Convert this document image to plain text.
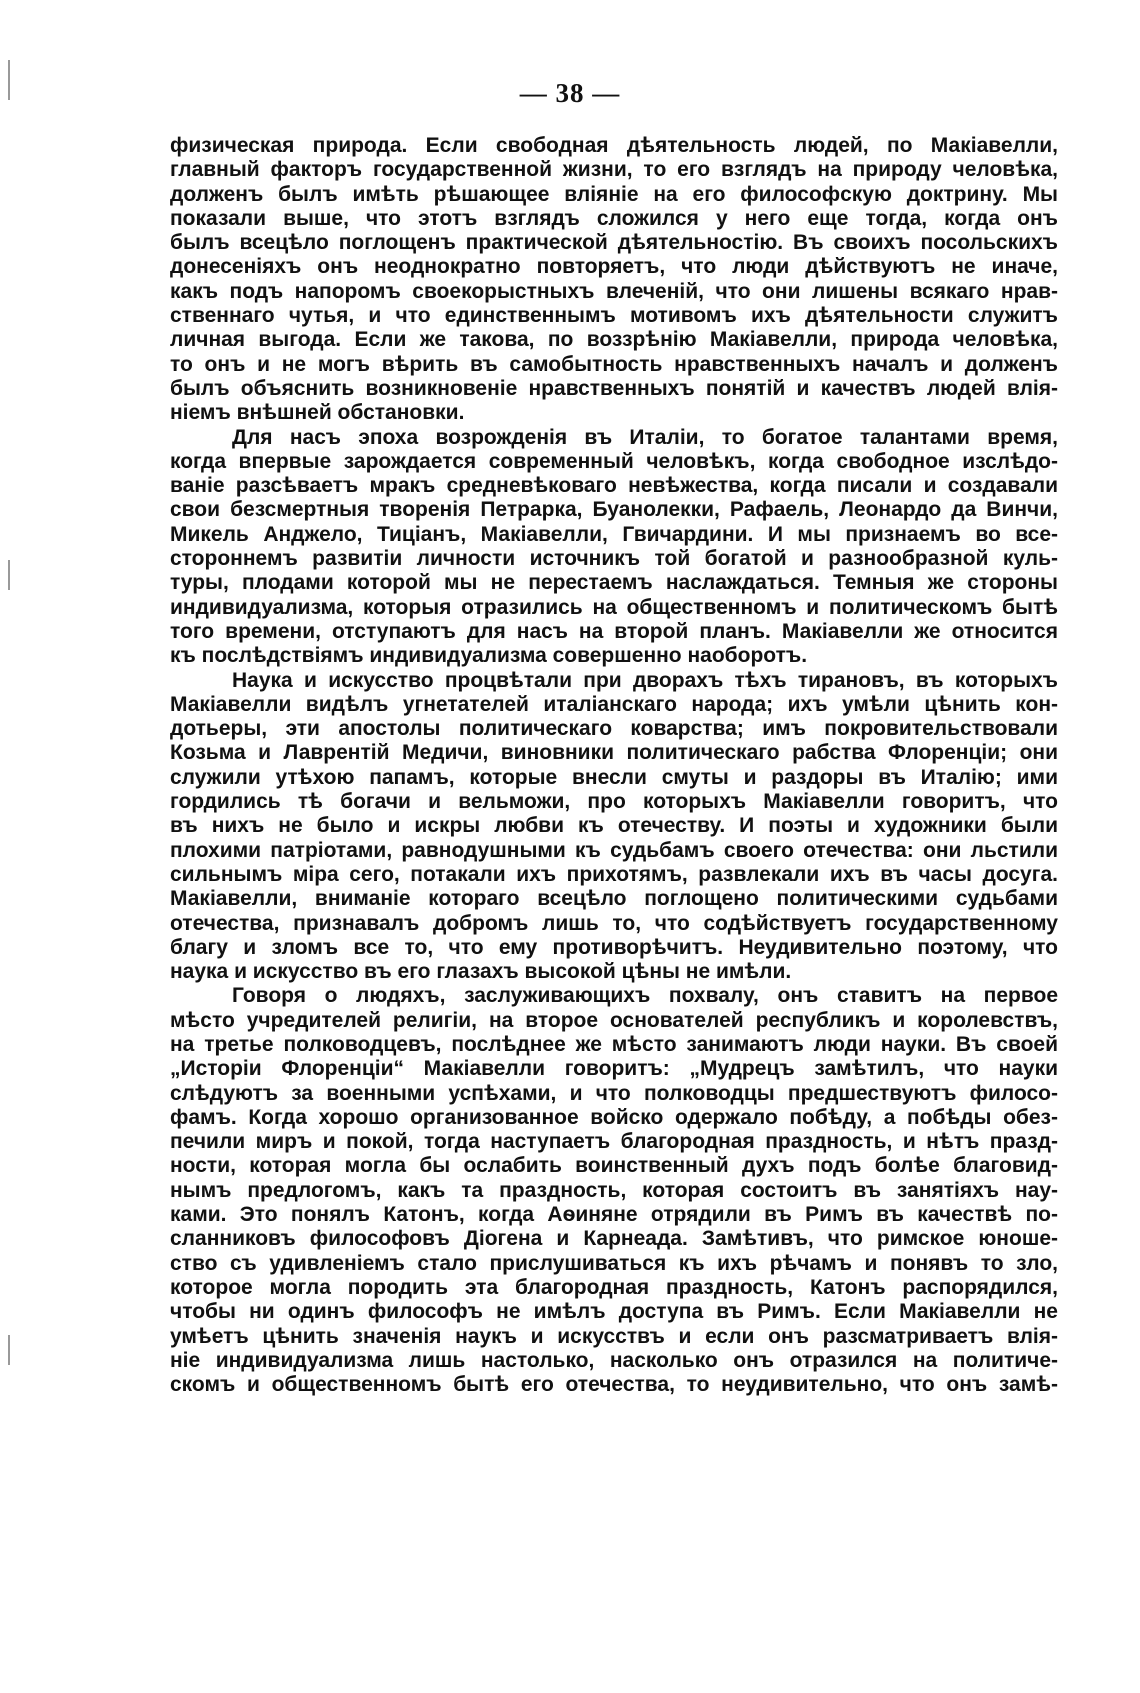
— 38 —
физическая природа. Если свободная дѣятельность людей, по Макіавелли,
главный факторъ государственной жизни, то его взглядъ на природу человѣка,
долженъ былъ имѣть рѣшающее вліяніе на его философскую доктрину. Мы
показали выше, что этотъ взглядъ сложился у него еще тогда, когда онъ
былъ всецѣло поглощенъ практической дѣятельностію. Въ своихъ посольскихъ
донесеніяхъ онъ неоднократно повторяетъ, что люди дѣйствуютъ не иначе,
какъ подъ напоромъ своекорыстныхъ влеченій, что они лишены всякаго нрав-
ственнаго чутья, и что единственнымъ мотивомъ ихъ дѣятельности служитъ
личная выгода. Если же такова, по воззрѣнію Макіавелли, природа человѣка,
то онъ и не могъ вѣрить въ самобытность нравственныхъ началъ и долженъ
былъ объяснить возникновеніе нравственныхъ понятій и качествъ людей влія-
ніемъ внѣшней обстановки.
Для насъ эпоха возрожденія въ Италіи, то богатое талантами время,
когда впервые зарождается современный человѣкъ, когда свободное изслѣдо-
ваніе разсѣваетъ мракъ средневѣковаго невѣжества, когда писали и создавали
свои безсмертныя творенія Петрарка, Буанолекки, Рафаель, Леонардо да Винчи,
Микель Анджело, Тиціанъ, Макіавелли, Гвичардини. И мы признаемъ во все-
стороннемъ развитіи личности источникъ той богатой и разнообразной куль-
туры, плодами которой мы не перестаемъ наслаждаться. Темныя же стороны
индивидуализма, которыя отразились на общественномъ и политическомъ бытѣ
того времени, отступаютъ для насъ на второй планъ. Макіавелли же относится
къ послѣдствіямъ индивидуализма совершенно наоборотъ.
Наука и искусство процвѣтали при дворахъ тѣхъ тирановъ, въ которыхъ
Макіавелли видѣлъ угнетателей италіанскаго народа; ихъ умѣли цѣнить кон-
дотьеры, эти апостолы политическаго коварства; имъ покровительствовали
Козьма и Лаврентій Медичи, виновники политическаго рабства Флоренціи; они
служили утѣхою папамъ, которые внесли смуты и раздоры въ Италію; ими
гордились тѣ богачи и вельможи, про которыхъ Макіавелли говоритъ, что
въ нихъ не было и искры любви къ отечеству. И поэты и художники были
плохими патріотами, равнодушными къ судьбамъ своего отечества: они льстили
сильнымъ міра сего, потакали ихъ прихотямъ, развлекали ихъ въ часы досуга.
Макіавелли, вниманіе котораго всецѣло поглощено политическими судьбами
отечества, признавалъ добромъ лишь то, что содѣйствуетъ государственному
благу и зломъ все то, что ему противорѣчитъ. Неудивительно поэтому, что
наука и искусство въ его глазахъ высокой цѣны не имѣли.
Говоря о людяхъ, заслуживающихъ похвалу, онъ ставитъ на первое
мѣсто учредителей религіи, на второе основателей республикъ и королевствъ,
на третье полководцевъ, послѣднее же мѣсто занимаютъ люди науки. Въ своей
„Исторіи Флоренціи“ Макіавелли говоритъ: „Мудрецъ замѣтилъ, что науки
слѣдуютъ за военными успѣхами, и что полководцы предшествуютъ филосо-
фамъ. Когда хорошо организованное войско одержало побѣду, а побѣды обез-
печили миръ и покой, тогда наступаетъ благородная праздность, и нѣтъ празд-
ности, которая могла бы ослабить воинственный духъ подъ болѣе благовид-
нымъ предлогомъ, какъ та праздность, которая состоитъ въ занятіяхъ нау-
ками. Это понялъ Катонъ, когда Аѳиняне отрядили въ Римъ въ качествѣ по-
сланниковъ философовъ Діогена и Карнеада. Замѣтивъ, что римское юноше-
ство съ удивленіемъ стало прислушиваться къ ихъ рѣчамъ и понявъ то зло,
которое могла породить эта благородная праздность, Катонъ распорядился,
чтобы ни одинъ философъ не имѣлъ доступа въ Римъ. Если Макіавелли не
умѣетъ цѣнить значенія наукъ и искусствъ и если онъ разсматриваетъ влія-
ніе индивидуализма лишь настолько, насколько онъ отразился на политиче-
скомъ и общественномъ бытѣ его отечества, то неудивительно, что онъ замѣ-
